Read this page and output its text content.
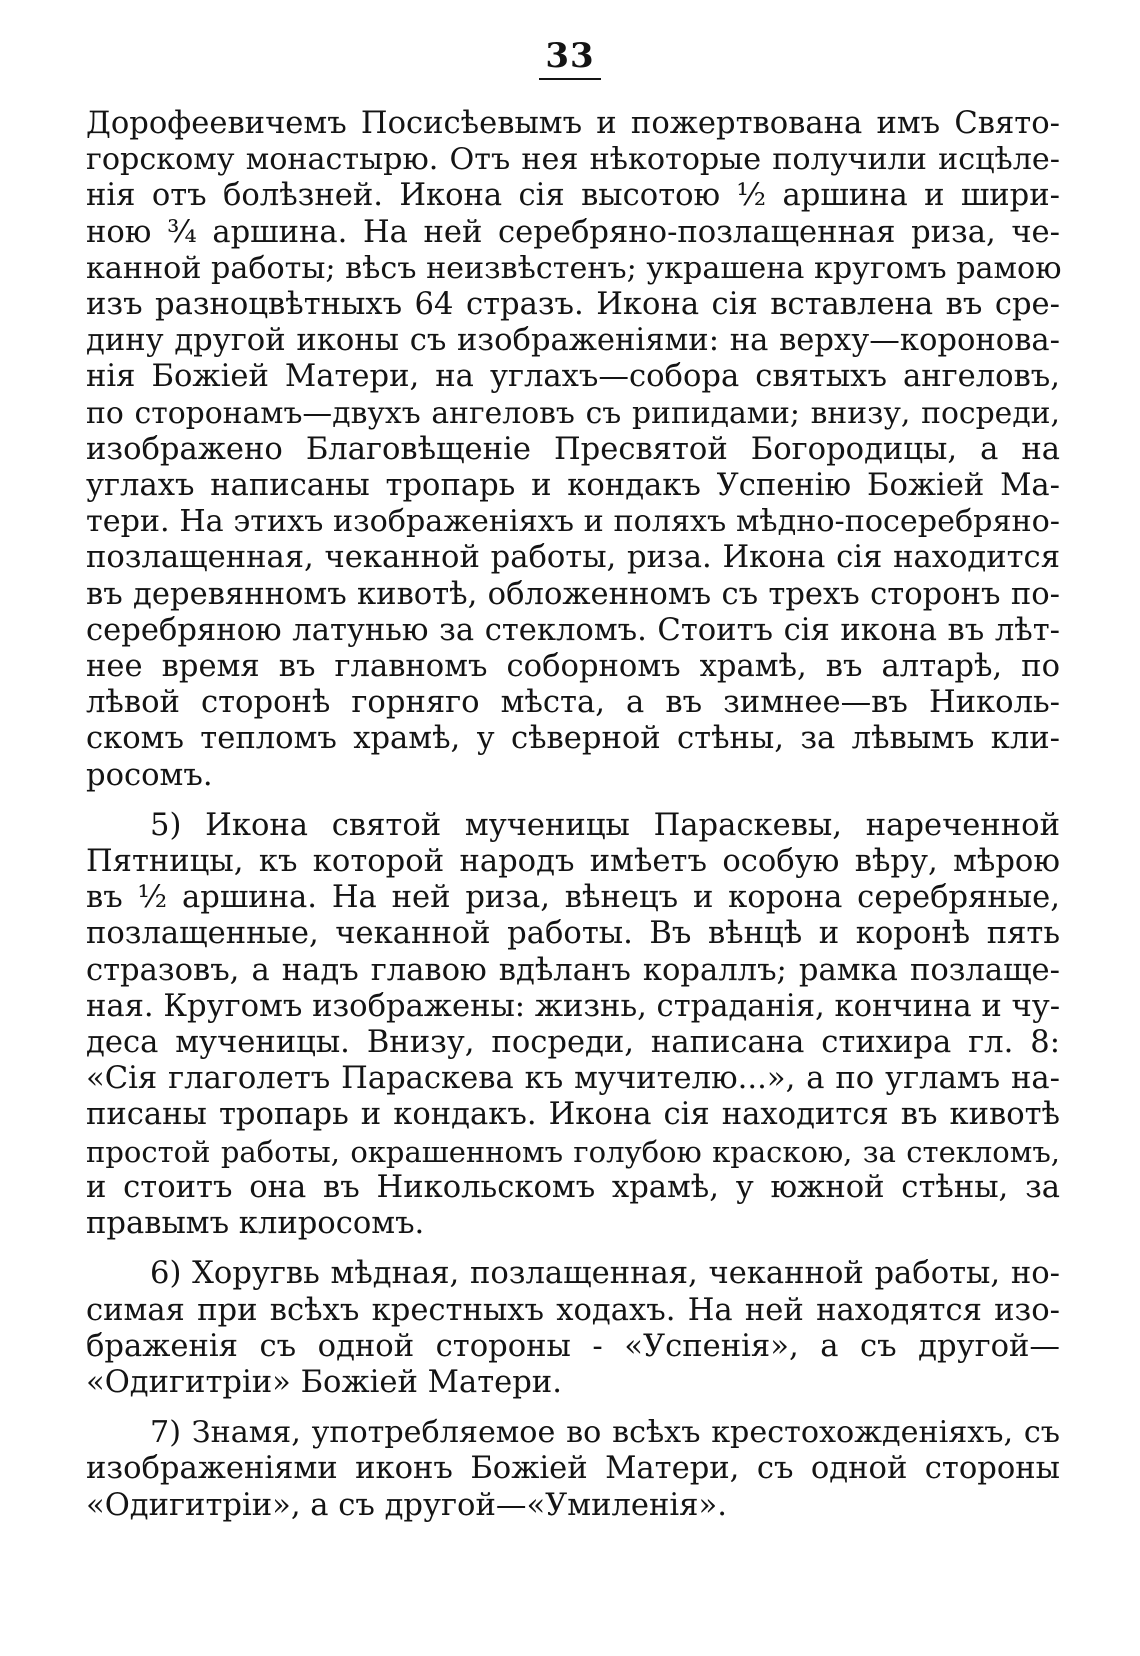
33
Дорофеевичемъ Посисѣевымъ и пожертвована имъ Свято-
горскому монастырю. Отъ нея нѣкоторые получили исцѣле-
нія отъ болѣзней. Икона сія высотою ½ аршина и шири-
ною ¾ аршина. На ней серебряно-позлащенная риза, че-
канной работы; вѣсъ неизвѣстенъ; украшена кругомъ рамою
изъ разноцвѣтныхъ 64 стразъ. Икона сія вставлена въ сре-
дину другой иконы съ изображеніями: на верху—коронова-
нія Божіей Матери, на углахъ—собора святыхъ ангеловъ,
по сторонамъ—двухъ ангеловъ съ рипидами; внизу, посреди,
изображено Благовѣщеніе Пресвятой Богородицы, а на
углахъ написаны тропарь и кондакъ Успенію Божіей Ма-
тери. На этихъ изображеніяхъ и поляхъ мѣдно-посеребряно-
позлащенная, чеканной работы, риза. Икона сія находится
въ деревянномъ кивотѣ, обложенномъ съ трехъ сторонъ по-
серебряною латунью за стекломъ. Стоитъ сія икона въ лѣт-
нее время въ главномъ соборномъ храмѣ, въ алтарѣ, по
лѣвой сторонѣ горняго мѣста, а въ зимнее—въ Николь-
скомъ тепломъ храмѣ, у сѣверной стѣны, за лѣвымъ кли-
росомъ.
5) Икона святой мученицы Параскевы, нареченной
Пятницы, къ которой народъ имѣетъ особую вѣру, мѣрою
въ ½ аршина. На ней риза, вѣнецъ и корона серебряные,
позлащенные, чеканной работы. Въ вѣнцѣ и коронѣ пять
стразовъ, а надъ главою вдѣланъ кораллъ; рамка позлаще-
ная. Кругомъ изображены: жизнь, страданія, кончина и чу-
деса мученицы. Внизу, посреди, написана стихира гл. 8:
«Сія глаголетъ Параскева къ мучителю...», а по угламъ на-
писаны тропарь и кондакъ. Икона сія находится въ кивотѣ
простой работы, окрашенномъ голубою краскою, за стекломъ,
и стоитъ она въ Никольскомъ храмѣ, у южной стѣны, за
правымъ клиросомъ.
6) Хоругвь мѣдная, позлащенная, чеканной работы, но-
симая при всѣхъ крестныхъ ходахъ. На ней находятся изо-
браженія съ одной стороны - «Успенія», а съ другой—
«Одигитріи» Божіей Матери.
7) Знамя, употребляемое во всѣхъ крестохожденіяхъ, съ
изображеніями иконъ Божіей Матери, съ одной стороны
«Одигитріи», а съ другой—«Умиленія».
